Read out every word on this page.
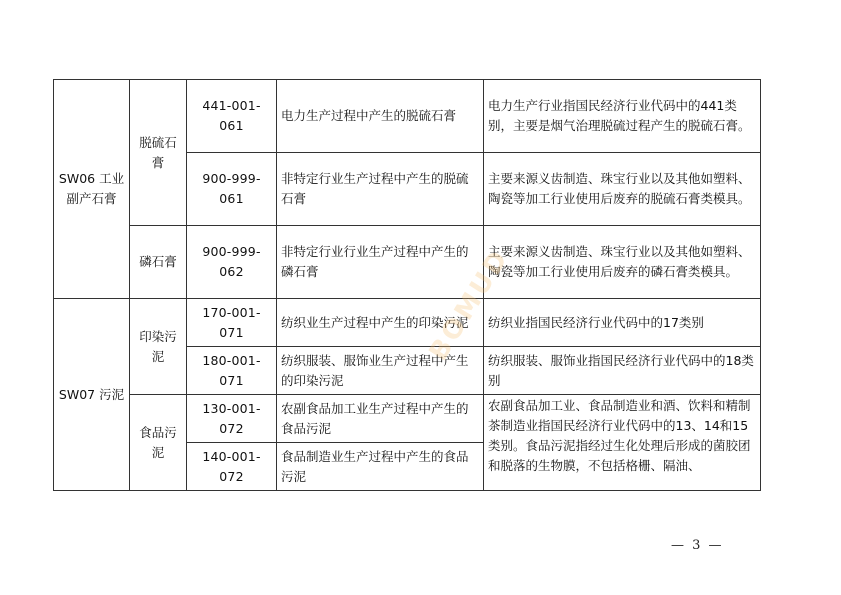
SW06 工业副产石膏	脱硫石膏	441-001-061	电力生产过程中产生的脱硫石膏	电力生产行业指国民经济行业代码中的441类别，主要是烟气治理脱硫过程产生的脱硫石膏。
		900-999-061	非特定行业生产过程中产生的脱硫石膏	主要来源义齿制造、珠宝行业以及其他如塑料、陶瓷等加工行业使用后废弃的脱硫石膏类模具。
	磷石膏	900-999-062	非特定行业行业生产过程中产生的磷石膏	主要来源义齿制造、珠宝行业以及其他如塑料、陶瓷等加工行业使用后废弃的磷石膏类模具。
SW07 污泥	印染污泥	170-001-071	纺织业生产过程中产生的印染污泥	纺织业指国民经济行业代码中的17类别
		180-001-071	纺织服装、服饰业生产过程中产生的印染污泥	纺织服装、服饰业指国民经济行业代码中的18类别
	食品污泥	130-001-072	农副食品加工业生产过程中产生的食品污泥	农副食品加工业、食品制造业和酒、饮料和精制茶制造业指国民经济行业代码中的13、14和15类别。食品污泥指经过生化处理后形成的菌胶团和脱落的生物膜，不包括格栅、隔油、
		140-001-072	食品制造业生产过程中产生的食品污泥	
BOMUD
— 3 —
